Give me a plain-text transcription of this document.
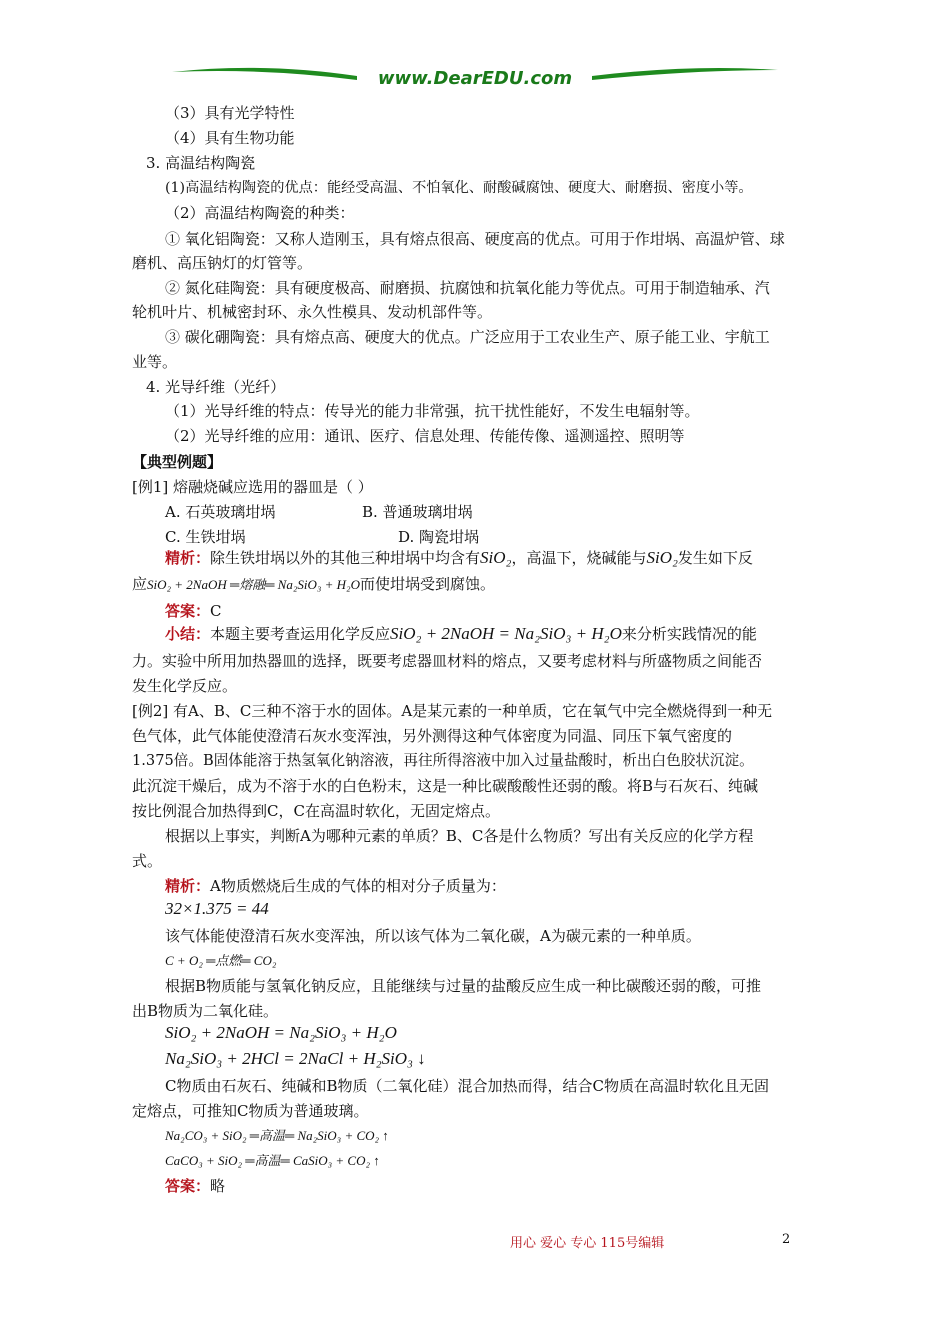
www.DearEDU.com
（3）具有光学特性
（4）具有生物功能
3. 高温结构陶瓷
(1)高温结构陶瓷的优点：能经受高温、不怕氧化、耐酸碱腐蚀、硬度大、耐磨损、密度小等。
（2）高温结构陶瓷的种类：
① 氧化铝陶瓷：又称人造刚玉，具有熔点很高、硬度高的优点。可用于作坩埚、高温炉管、球
磨机、高压钠灯的灯管等。
② 氮化硅陶瓷：具有硬度极高、耐磨损、抗腐蚀和抗氧化能力等优点。可用于制造轴承、汽
轮机叶片、机械密封环、永久性模具、发动机部件等。
③ 碳化硼陶瓷：具有熔点高、硬度大的优点。广泛应用于工农业生产、原子能工业、宇航工
业等。
4. 光导纤维（光纤）
（1）光导纤维的特点：传导光的能力非常强，抗干扰性能好，不发生电辐射等。
（2）光导纤维的应用：通讯、医疗、信息处理、传能传像、遥测遥控、照明等
【典型例题】
[例1] 熔融烧碱应选用的器皿是（ ）
A. 石英玻璃坩埚	B. 普通玻璃坩埚
C. 生铁坩埚	D. 陶瓷坩埚
精析：除生铁坩埚以外的其他三种坩埚中均含有SiO₂，高温下，烧碱能与SiO₂发生如下反
应SiO₂ + 2NaOH ═熔融═ Na₂SiO₃ + H₂O而使坩埚受到腐蚀。
答案：C
小结：本题主要考查运用化学反应SiO₂ + 2NaOH = Na₂SiO₃ + H₂O来分析实践情况的能
力。实验中所用加热器皿的选择，既要考虑器皿材料的熔点，又要考虑材料与所盛物质之间能否
发生化学反应。
[例2] 有A、B、C三种不溶于水的固体。A是某元素的一种单质，它在氧气中完全燃烧得到一种无
色气体，此气体能使澄清石灰水变浑浊，另外测得这种气体密度为同温、同压下氧气密度的
1.375倍。B固体能溶于热氢氧化钠溶液，再往所得溶液中加入过量盐酸时，析出白色胶状沉淀。
此沉淀干燥后，成为不溶于水的白色粉末，这是一种比碳酸酸性还弱的酸。将B与石灰石、纯碱
按比例混合加热得到C，C在高温时软化，无固定熔点。
根据以上事实，判断A为哪种元素的单质？B、C各是什么物质？写出有关反应的化学方程
式。
精析：A物质燃烧后生成的气体的相对分子质量为：
32×1.375 = 44
该气体能使澄清石灰水变浑浊，所以该气体为二氧化碳，A为碳元素的一种单质。
C + O₂ ═点燃═ CO₂
根据B物质能与氢氧化钠反应，且能继续与过量的盐酸反应生成一种比碳酸还弱的酸，可推
出B物质为二氧化硅。
SiO₂ + 2NaOH = Na₂SiO₃ + H₂O
Na₂SiO₃ + 2HCl = 2NaCl + H₂SiO₃ ↓
C物质由石灰石、纯碱和B物质（二氧化硅）混合加热而得，结合C物质在高温时软化且无固
定熔点，可推知C物质为普通玻璃。
Na₂CO₃ + SiO₂ ═高温═ Na₂SiO₃ + CO₂ ↑
CaCO₃ + SiO₂ ═高温═ CaSiO₃ + CO₂ ↑
答案：略
用心 爱心 专心 115号编辑	2
